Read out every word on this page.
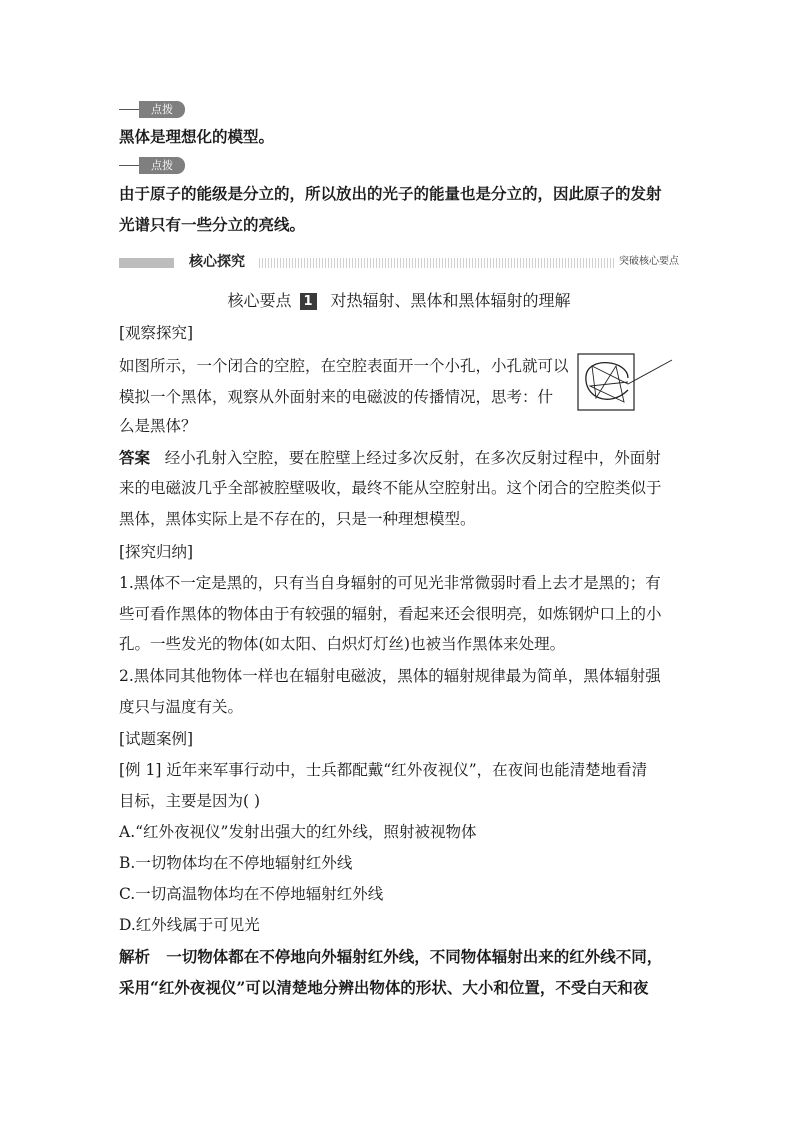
点拨
黑体是理想化的模型。
点拨
由于原子的能级是分立的，所以放出的光子的能量也是分立的，因此原子的发射
光谱只有一些分立的亮线。
核心探究	突破核心要点
核心要点 1 对热辐射、黑体和黑体辐射的理解
[观察探究]
如图所示，一个闭合的空腔，在空腔表面开一个小孔，小孔就可以
模拟一个黑体，观察从外面射来的电磁波的传播情况，思考：什
么是黑体？
答案 经小孔射入空腔，要在腔壁上经过多次反射，在多次反射过程中，外面射
来的电磁波几乎全部被腔壁吸收，最终不能从空腔射出。这个闭合的空腔类似于
黑体，黑体实际上是不存在的，只是一种理想模型。
[探究归纳]
1.黑体不一定是黑的，只有当自身辐射的可见光非常微弱时看上去才是黑的；有
些可看作黑体的物体由于有较强的辐射，看起来还会很明亮，如炼钢炉口上的小
孔。一些发光的物体(如太阳、白炽灯灯丝)也被当作黑体来处理。
2.黑体同其他物体一样也在辐射电磁波，黑体的辐射规律最为简单，黑体辐射强
度只与温度有关。
[试题案例]
[例 1] 近年来军事行动中，士兵都配戴“红外夜视仪”，在夜间也能清楚地看清
目标，主要是因为( )
A.“红外夜视仪”发射出强大的红外线，照射被视物体
B.一切物体均在不停地辐射红外线
C.一切高温物体均在不停地辐射红外线
D.红外线属于可见光
解析 一切物体都在不停地向外辐射红外线，不同物体辐射出来的红外线不同，
采用“红外夜视仪”可以清楚地分辨出物体的形状、大小和位置，不受白天和夜
